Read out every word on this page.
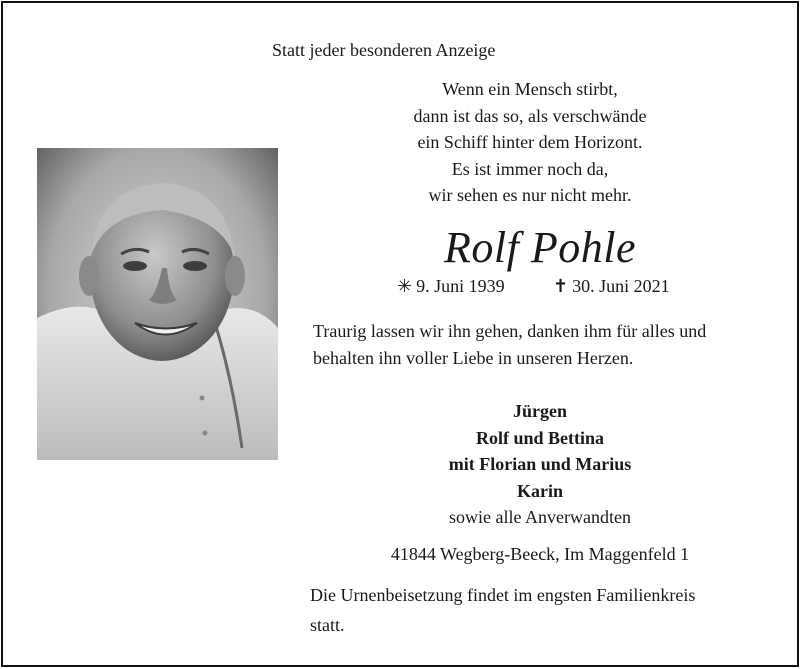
Statt jeder besonderen Anzeige
Wenn ein Mensch stirbt,
dann ist das so, als verschwände
ein Schiff hinter dem Horizont.
Es ist immer noch da,
wir sehen es nur nicht mehr.
Rolf Pohle
✳ 9. Juni 1939	✝ 30. Juni 2021
Traurig lassen wir ihn gehen, danken ihm für alles und
behalten ihn voller Liebe in unseren Herzen.
Jürgen
Rolf und Bettina
mit Florian und Marius
Karin
sowie alle Anverwandten
41844 Wegberg-Beeck, Im Maggenfeld 1
Die Urnenbeisetzung findet im engsten Familienkreis
statt.
